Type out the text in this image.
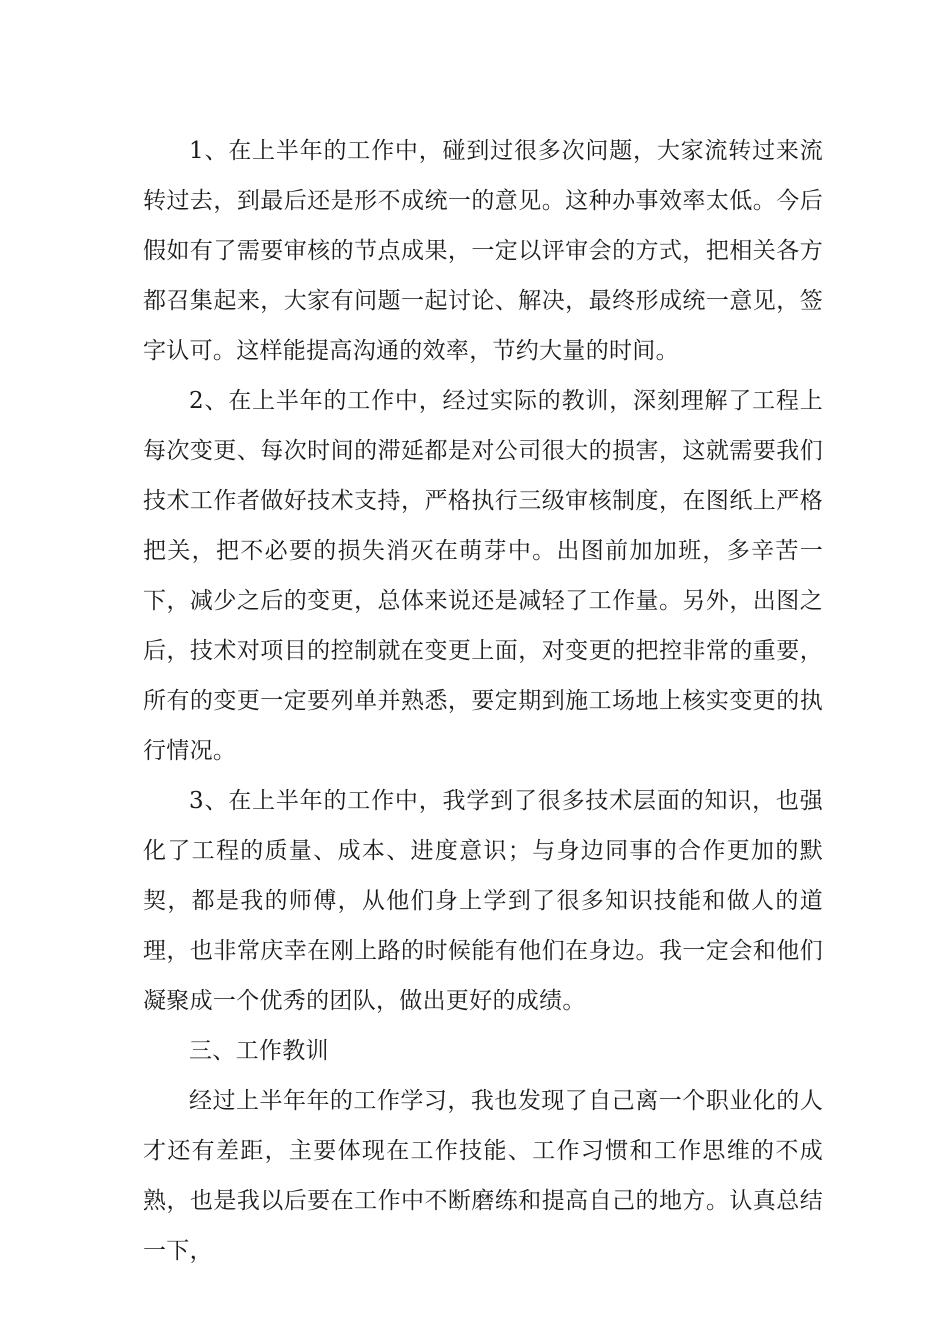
1、在上半年的工作中，碰到过很多次问题，大家流转过来流转过去，到最后还是形不成统一的意见。这种办事效率太低。今后假如有了需要审核的节点成果，一定以评审会的方式，把相关各方都召集起来，大家有问题一起讨论、解决，最终形成统一意见，签字认可。这样能提高沟通的效率，节约大量的时间。

2、在上半年的工作中，经过实际的教训，深刻理解了工程上每次变更、每次时间的滞延都是对公司很大的损害，这就需要我们技术工作者做好技术支持，严格执行三级审核制度，在图纸上严格把关，把不必要的损失消灭在萌芽中。出图前加加班，多辛苦一下，减少之后的变更，总体来说还是减轻了工作量。另外，出图之后，技术对项目的控制就在变更上面，对变更的把控非常的重要，所有的变更一定要列单并熟悉，要定期到施工场地上核实变更的执行情况。

3、在上半年的工作中，我学到了很多技术层面的知识，也强化了工程的质量、成本、进度意识；与身边同事的合作更加的默契，都是我的师傅，从他们身上学到了很多知识技能和做人的道理，也非常庆幸在刚上路的时候能有他们在身边。我一定会和他们凝聚成一个优秀的团队，做出更好的成绩。

三、工作教训

经过上半年年的工作学习，我也发现了自己离一个职业化的人才还有差距，主要体现在工作技能、工作习惯和工作思维的不成熟，也是我以后要在工作中不断磨练和提高自己的地方。认真总结一下，
